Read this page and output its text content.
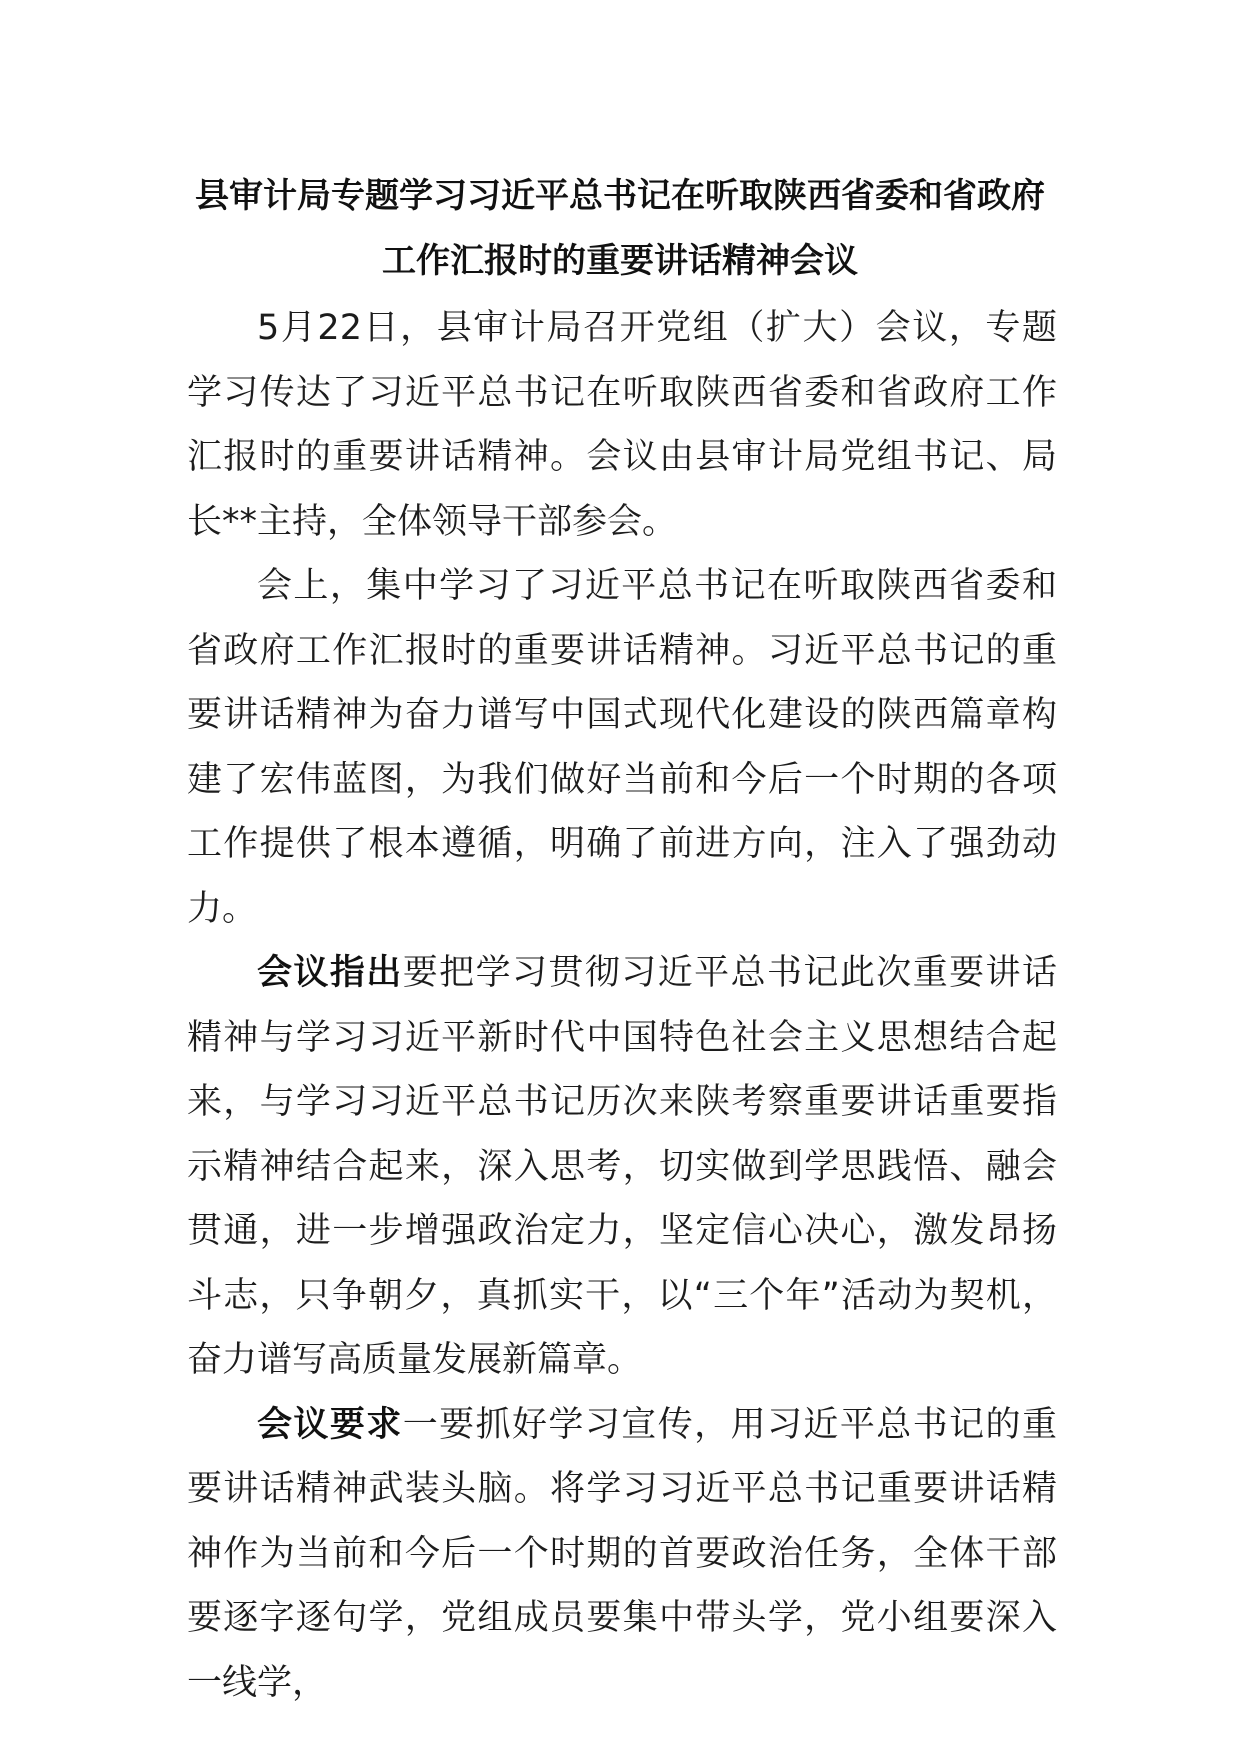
县审计局专题学习习近平总书记在听取陕西省委和省政府
工作汇报时的重要讲话精神会议

5月22日，县审计局召开党组（扩大）会议，专题学习传达了习近平总书记在听取陕西省委和省政府工作汇报时的重要讲话精神。会议由县审计局党组书记、局长**主持，全体领导干部参会。

会上，集中学习了习近平总书记在听取陕西省委和省政府工作汇报时的重要讲话精神。习近平总书记的重要讲话精神为奋力谱写中国式现代化建设的陕西篇章构建了宏伟蓝图，为我们做好当前和今后一个时期的各项工作提供了根本遵循，明确了前进方向，注入了强劲动力。

会议指出要把学习贯彻习近平总书记此次重要讲话精神与学习习近平新时代中国特色社会主义思想结合起来，与学习习近平总书记历次来陕考察重要讲话重要指示精神结合起来，深入思考，切实做到学思践悟、融会贯通，进一步增强政治定力，坚定信心决心，激发昂扬斗志，只争朝夕，真抓实干，以“三个年”活动为契机，奋力谱写高质量发展新篇章。

会议要求一要抓好学习宣传，用习近平总书记的重要讲话精神武装头脑。将学习习近平总书记重要讲话精神作为当前和今后一个时期的首要政治任务，全体干部要逐字逐句学，党组成员要集中带头学，党小组要深入一线学，
